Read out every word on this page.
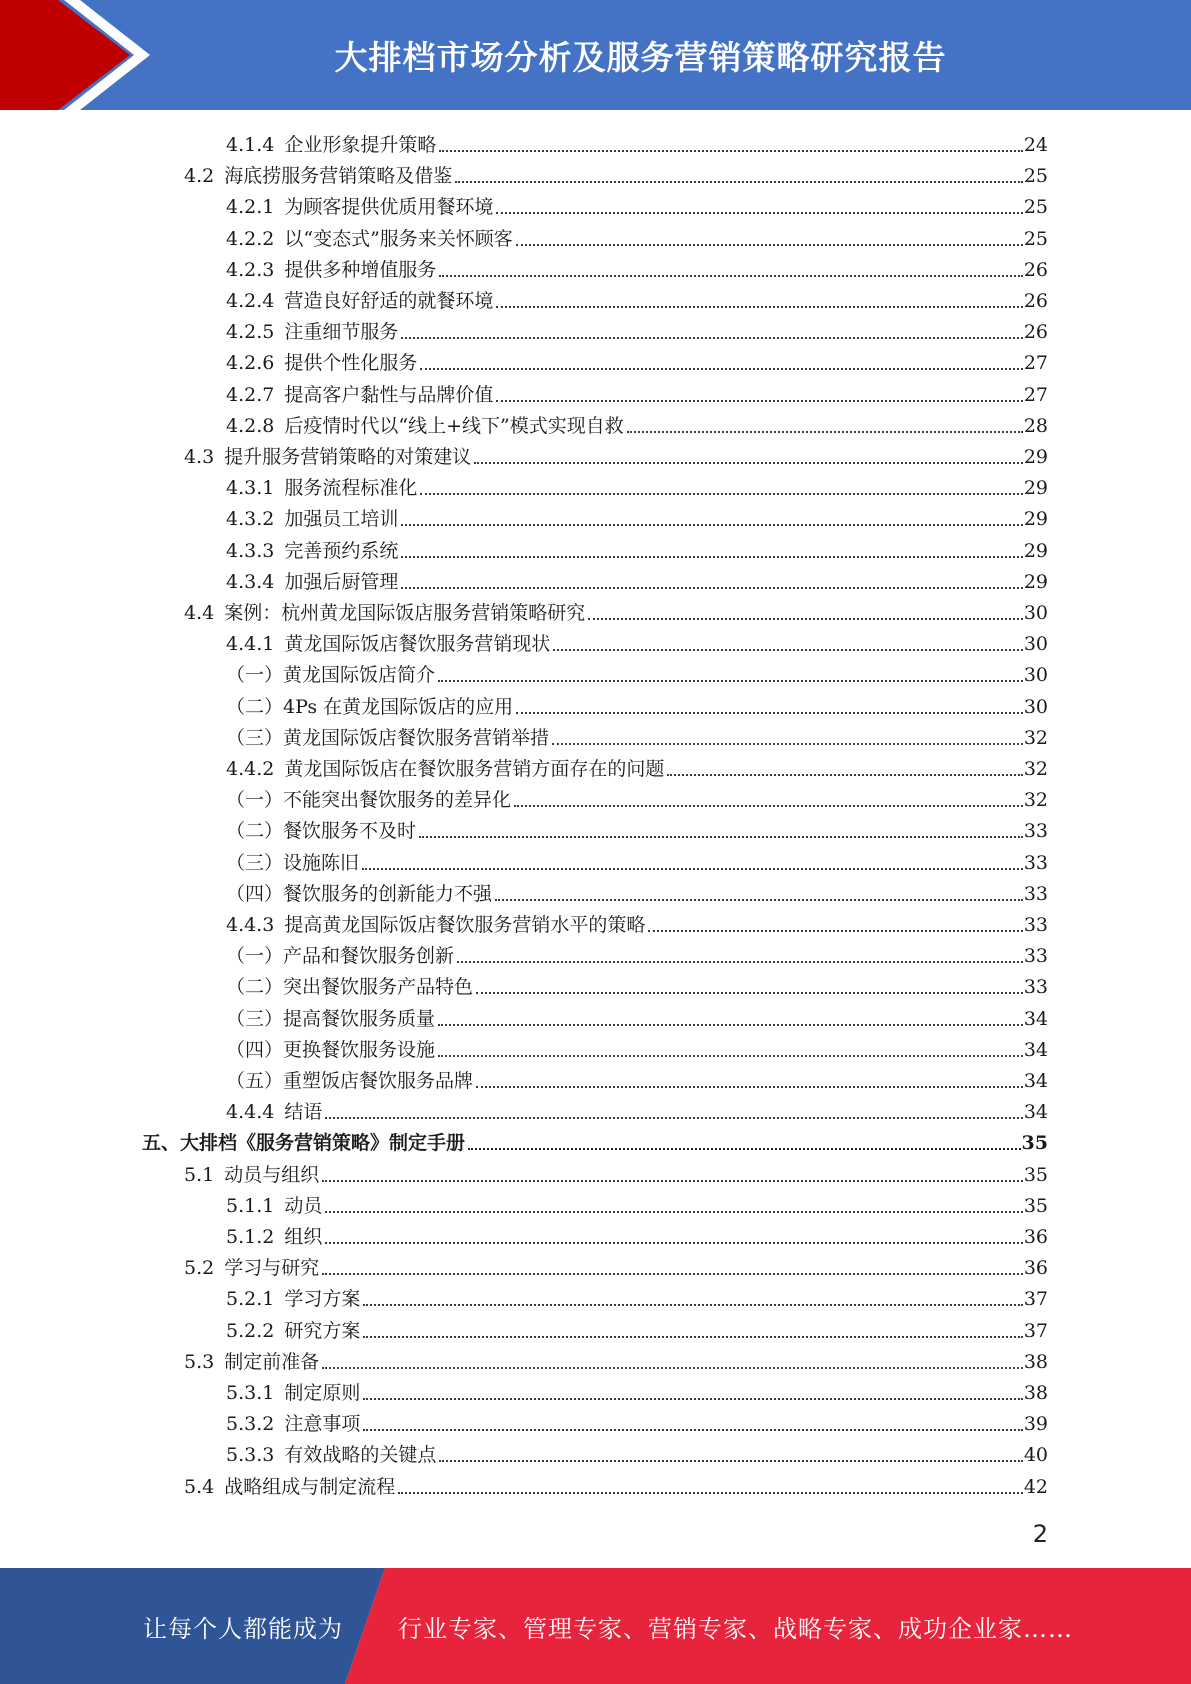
大排档市场分析及服务营销策略研究报告
4.1.4 企业形象提升策略	24
4.2 海底捞服务营销策略及借鉴	25
4.2.1 为顾客提供优质用餐环境	25
4.2.2 以“变态式”服务来关怀顾客	25
4.2.3 提供多种增值服务	26
4.2.4 营造良好舒适的就餐环境	26
4.2.5 注重细节服务	26
4.2.6 提供个性化服务	27
4.2.7 提高客户黏性与品牌价值	27
4.2.8 后疫情时代以“线上+线下”模式实现自救	28
4.3 提升服务营销策略的对策建议	29
4.3.1 服务流程标准化	29
4.3.2 加强员工培训	29
4.3.3 完善预约系统	29
4.3.4 加强后厨管理	29
4.4 案例：杭州黄龙国际饭店服务营销策略研究	30
4.4.1 黄龙国际饭店餐饮服务营销现状	30
（一）黄龙国际饭店简介	30
（二）4Ps 在黄龙国际饭店的应用	30
（三）黄龙国际饭店餐饮服务营销举措	32
4.4.2 黄龙国际饭店在餐饮服务营销方面存在的问题	32
（一）不能突出餐饮服务的差异化	32
（二）餐饮服务不及时	33
（三）设施陈旧	33
（四）餐饮服务的创新能力不强	33
4.4.3 提高黄龙国际饭店餐饮服务营销水平的策略	33
（一）产品和餐饮服务创新	33
（二）突出餐饮服务产品特色	33
（三）提高餐饮服务质量	34
（四）更换餐饮服务设施	34
（五）重塑饭店餐饮服务品牌	34
4.4.4 结语	34
五、大排档《服务营销策略》制定手册	35
5.1 动员与组织	35
5.1.1 动员	35
5.1.2 组织	36
5.2 学习与研究	36
5.2.1 学习方案	37
5.2.2 研究方案	37
5.3 制定前准备	38
5.3.1 制定原则	38
5.3.2 注意事项	39
5.3.3 有效战略的关键点	40
5.4 战略组成与制定流程	42
2
让每个人都能成为 行业专家、管理专家、营销专家、战略专家、成功企业家……
